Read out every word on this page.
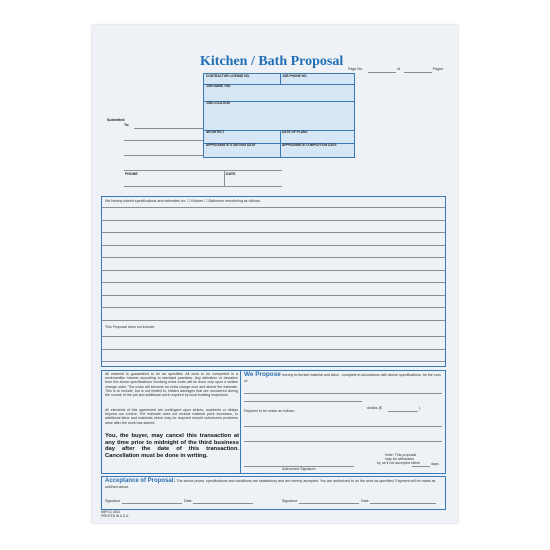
Page No.	of	Pages
Kitchen / Bath Proposal
Submitted
To:
PHONE	DATE
CONTRACTOR LICENSE NO.	JOB PHONE NO.
JOB NAME / NO.
JOB LOCATION
ARCHITECT	DATE OF PLANS
APPROXIMATE STARTING DATE	APPROXIMATE COMPLETION DATE
We hereby submit specifications and estimates for: ☐ Kitchen ☐ Bathroom remodeling as follows:
This Proposal does not include:
All material is guaranteed to be as specified. All work to be completed in a workmanlike manner according to standard practices. Any alteration or deviation from the above specifications involving extra costs will be done only upon a written change order. The costs will become an extra charge over and above the estimate. This is to include, but is not limited to, hidden damages that are uncovered during the course of the job and additional work required by local building inspectors.
All elements of this agreement are contingent upon strikes, accidents or delays beyond our control. The estimate does not include material price increases, or additional labor and materials which may be required should unforeseen problems arise after the work has started.
You, the buyer, may cancel this transaction at any time prior to midnight of the third business day after the date of this transaction. Cancellation must be done in writing.
We Propose hereby to furnish material and labor - complete in accordance with above specifications, for the sum of:
dollars ($	).
Payment to be made as follows:
Authorized Signature
Note: This proposal
may be withdrawn
by us if not accepted within	days.
Acceptance of Proposal: The above prices, specifications and conditions are satisfactory and are hereby accepted. You are authorized to do the work as specified. Payment will be made as outlined above.
Signature	Date	Signature	Date
KBPOC 6810
PRINTED IN U.S.A.
